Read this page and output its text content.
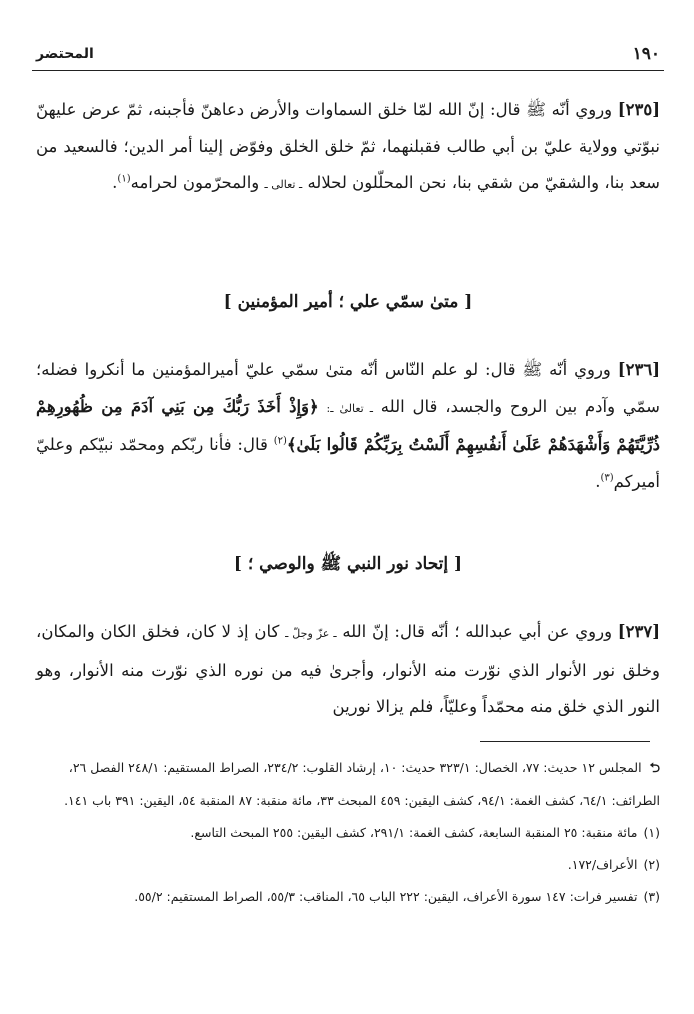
١٩٠
المحتضر
[٢٣٥] وروي أنّه ﷺ قال: إنّ الله لمّا خلق السماوات والأرض دعاهنّ فأجبنه، ثمّ عرض عليهنّ نبوّتي وولاية عليّ بن أبي طالب فقبلنهما، ثمّ خلق الخلق وفوّض إلينا أمر الدين؛ فالسعيد من سعد بنا، والشقيّ من شقي بنا، نحن المحلّلون لحلاله ـ تعالى ـ والمحرّمون لحرامه$^{(١)}$.
[ متىٰ سمّي علي ؛ أمير المؤمنين ]
[٢٣٦] وروي أنّه ﷺ قال: لو علم النّاس أنّه متىٰ سمّي عليّ أميرالمؤمنين ما أنكروا فضله؛ سمّي وآدم بين الروح والجسد، قال الله ـ تعالىٰ ـ: ﴿وَإِذْ أَخَذَ رَبُّكَ مِن بَنِي آدَمَ مِن ظُهُورِهِمْ ذُرِّيَّتَهُمْ وَأَشْهَدَهُمْ عَلَىٰ أَنفُسِهِمْ أَلَسْتُ بِرَبِّكُمْ قَالُوا بَلَىٰ﴾$^{(٢)}$ قال: فأنا ربّكم ومحمّد نبيّكم وعليّ أميركم$^{(٣)}$.
[ إتحاد نور النبي ﷺ والوصي ؛ ]
[٢٣٧] وروي عن أبي عبدالله ؛ أنّه قال: إنّ الله ـ عزّ وجلّ ـ كان إذ لا كان، فخلق الكان والمكان، وخلق نور الأنوار الذي نوّرت منه الأنوار، وأجرىٰ فيه من نوره الذي نوّرت منه الأنوار، وهو النور الذي خلق منه محمّداً وعليّاً، فلم يزالا نورين

⮌المجلس ١٢ حديث: ٧٧، الخصال: ٣٢٣/١ حديث: ١٠، إرشاد القلوب: ٢٣٤/٢، الصراط المستقيم: ٢٤٨/١ الفصل ٢٦، الطرائف: ٦٤/١، كشف الغمة: ٩٤/١، كشف اليقين: ٤٥٩ المبحث ٣٣، مائة منقبة: ٨٧ المنقبة ٥٤، اليقين: ٣٩١ باب ١٤١.

(١)مائة منقبة: ٢٥ المنقبة السابعة، كشف الغمة: ٢٩١/١، كشف اليقين: ٢٥٥ المبحث التاسع.

(٢)الأعراف/١٧٢.

(٣)تفسير فرات: ١٤٧ سورة الأعراف، اليقين: ٢٢٢ الباب ٦٥، المناقب: ٥٥/٣، الصراط المستقيم: ٥٥/٢.
